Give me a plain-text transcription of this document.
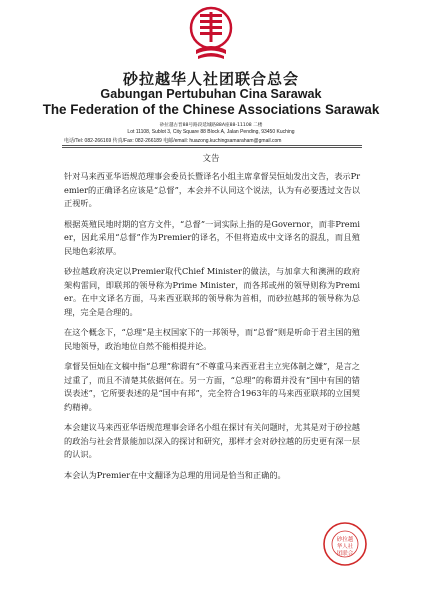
砂拉越华人社团联合总会
Gabungan Pertubuhan Cina Sarawak
The Federation of the Chinese Associations Sarawak
砂拉越古晋88号路段延城路88A座88-11108 二楼
Lot 11108, Sublot 3, City Square 88 Block A, Jalan Pending, 93450 Kuching
电话/Tel: 082-266169 传真/Fax: 082-266189 电邮/email: huazong.kuchingsamaraham@gmail.com
文告

针对马来西亚华语规范理事会委员长暨译名小组主席拿督吴恒灿发出文告，表示Premier的正确译名应该是“总督”，本会并不认同这个说法，认为有必要透过文告以正视听。

根据英殖民地时期的官方文件，“总督”一词实际上指的是Governor，而非Premier，因此采用“总督”作为Premier的译名，不但将造成中文译名的混乱，而且殖民地色彩浓厚。

砂拉越政府决定以Premier取代Chief Minister的做法，与加拿大和澳洲的政府架构雷同，即联邦的领导称为Prime Minister，而各邦或州的领导则称为Premier。在中文译名方面，马来西亚联邦的领导称为首相，而砂拉越邦的领导称为总理，完全是合理的。

在这个概念下，“总理”是主权国家下的一邦领导，而“总督”则是听命于君主国的殖民地领导，政治地位自然不能相提并论。

拿督吴恒灿在文稿中指“总理”称谓有“不尊重马来西亚君主立宪体制之嫌”，是言之过重了，而且不清楚其依据何在。另一方面，“总理”的称谓并没有“国中有国的错误表述”，它所要表述的是“国中有邦”，完全符合1963年的马来西亚联邦的立国契约精神。

本会建议马来西亚华语规范理事会译名小组在探讨有关问题时，尤其是对于砂拉越的政治与社会背景能加以深入的探讨和研究，那样才会对砂拉越的历史更有深一层的认识。

本会认为Premier在中文翻译为总理的用词是恰当和正确的。

砂拉越
华人社
团联合
